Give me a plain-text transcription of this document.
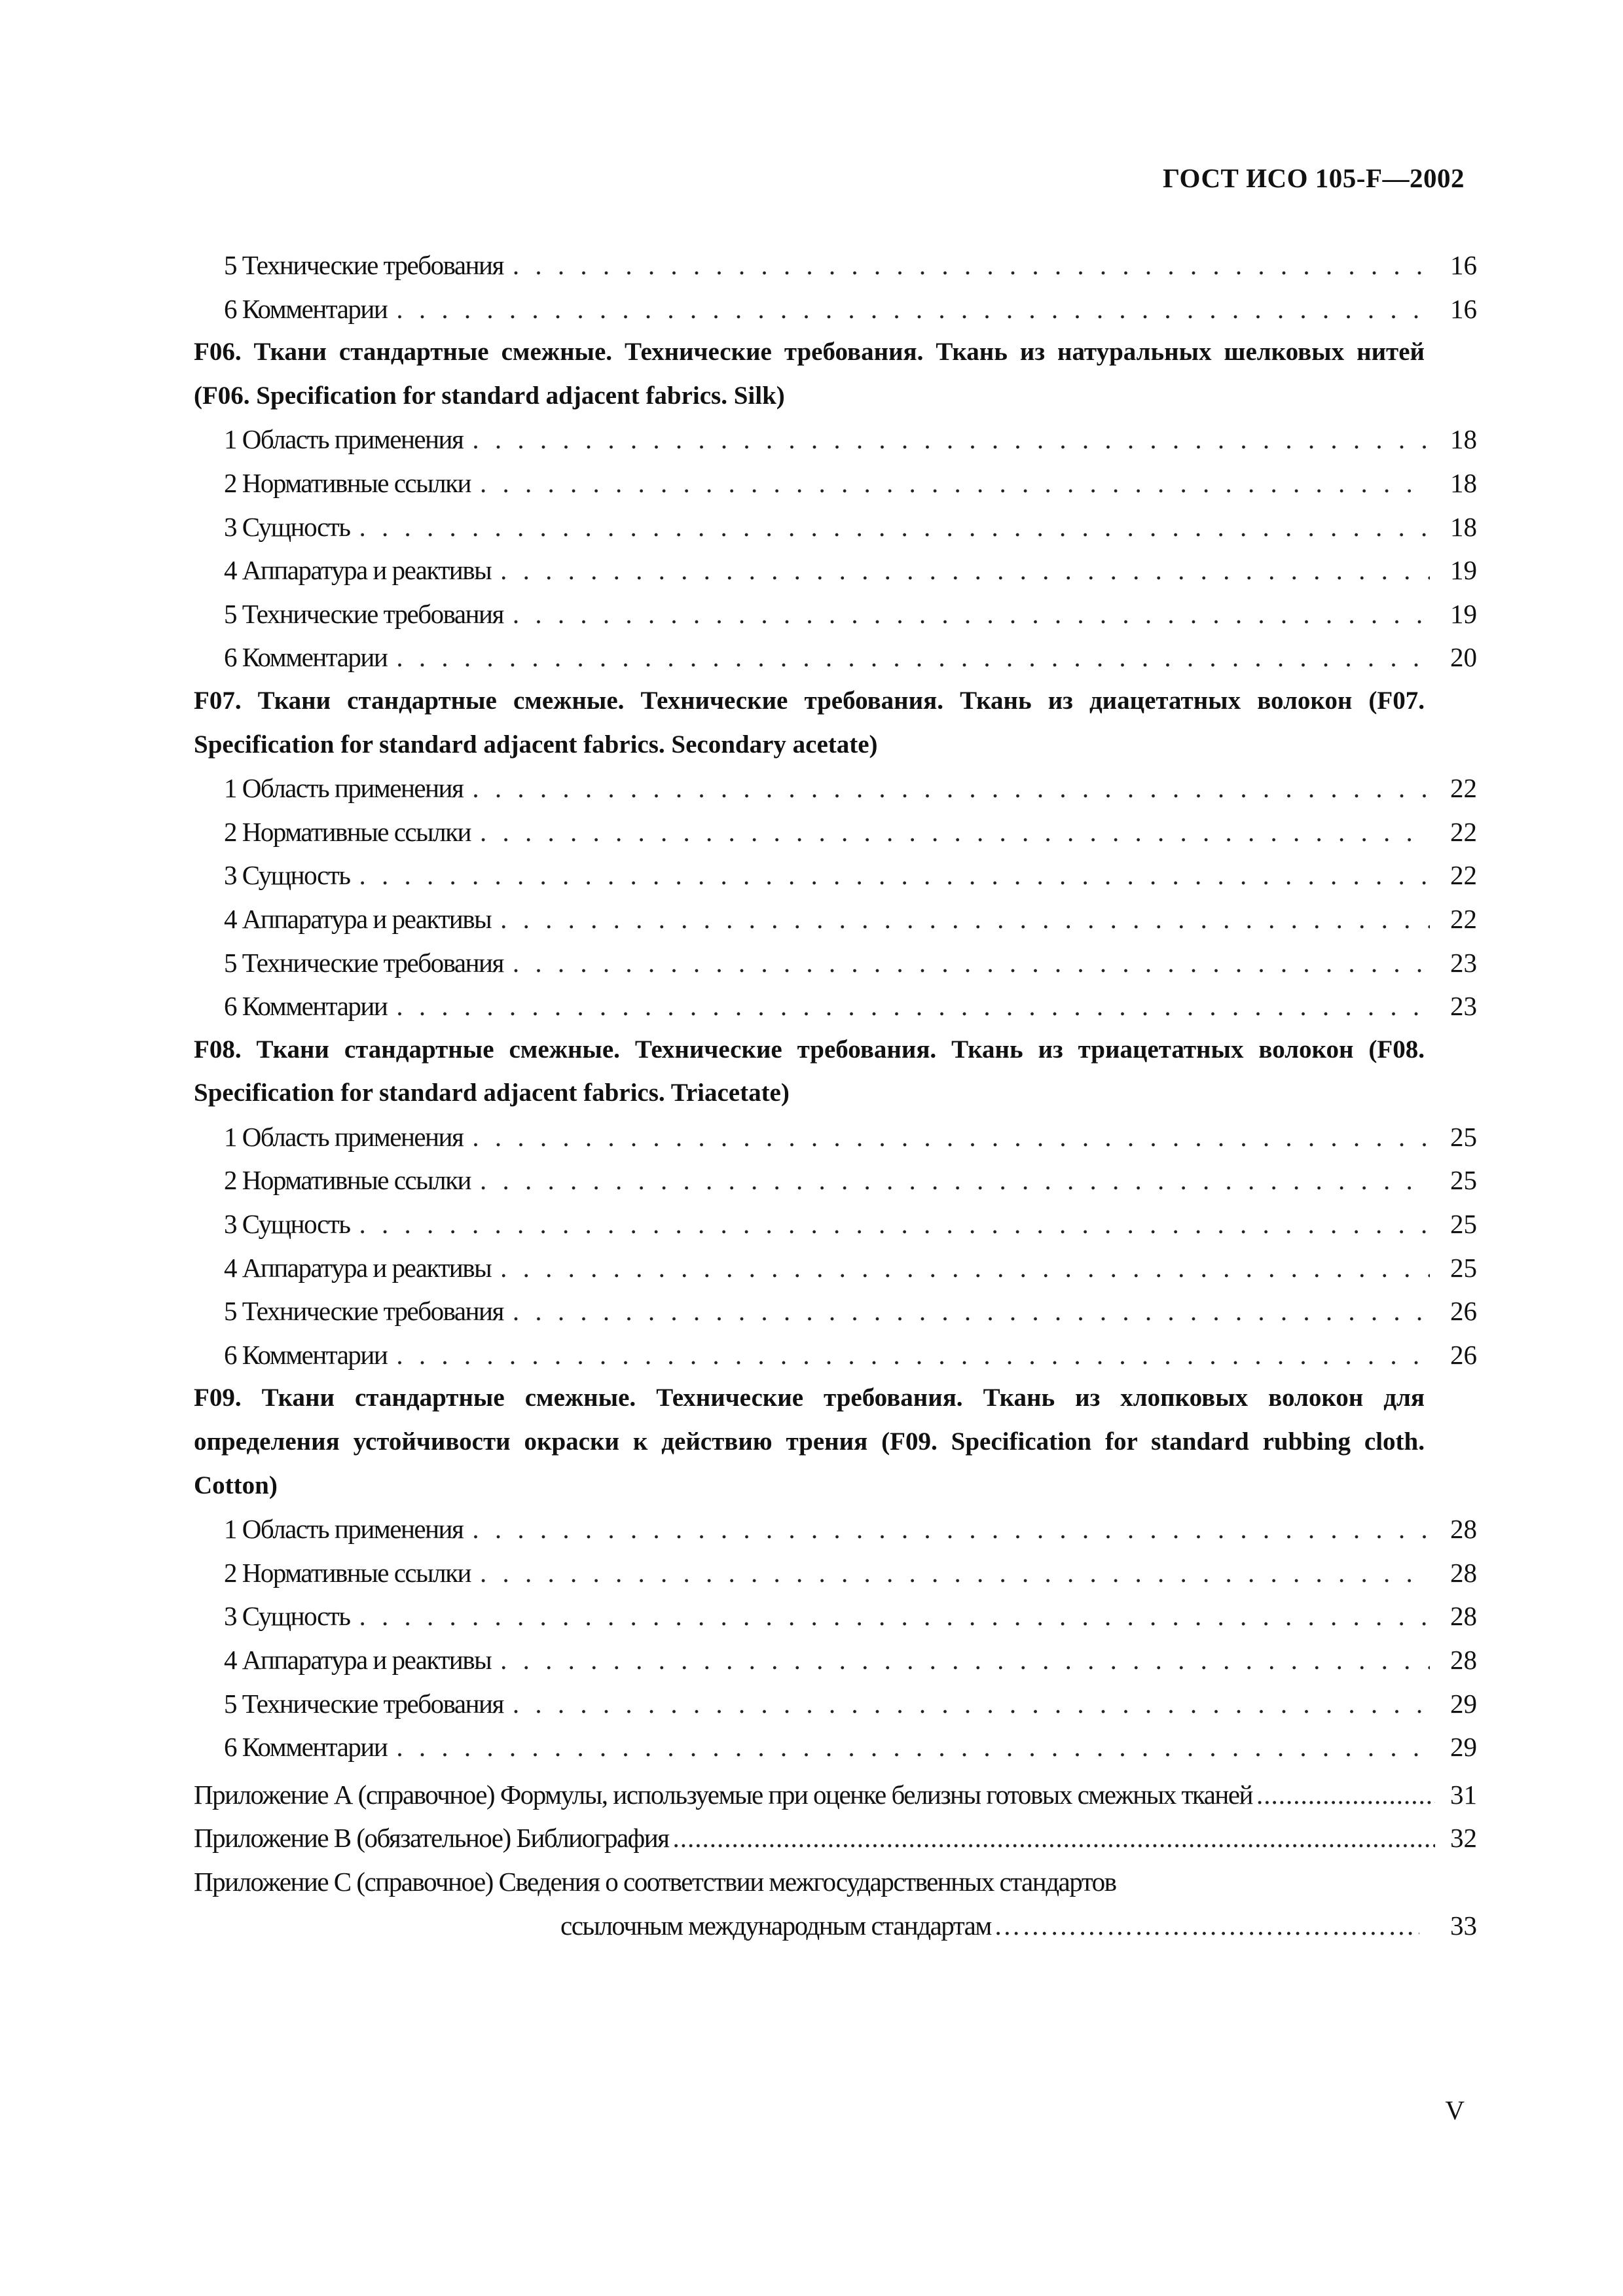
ГОСТ ИСО 105-F—2002
5 Технические требования . . .	16
6 Комментарии . . .	16
F06. Ткани стандартные смежные. Технические требования. Ткань из натуральных шелковых нитей (F06. Specification for standard adjacent fabrics. Silk)
1 Область применения . . .	18
2 Нормативные ссылки . . .	18
3 Сущность . . .	18
4 Аппаратура и реактивы . . .	19
5 Технические требования . . .	19
6 Комментарии . . .	20
F07. Ткани стандартные смежные. Технические требования. Ткань из диацетатных волокон (F07. Specification for standard adjacent fabrics. Secondary acetate)
1 Область применения . . .	22
2 Нормативные ссылки . . .	22
3 Сущность . . .	22
4 Аппаратура и реактивы . . .	22
5 Технические требования . . .	23
6 Комментарии . . .	23
F08. Ткани стандартные смежные. Технические требования. Ткань из триацетатных волокон (F08. Specification for standard adjacent fabrics. Triacetate)
1 Область применения . . .	25
2 Нормативные ссылки . . .	25
3 Сущность . . .	25
4 Аппаратура и реактивы . . .	25
5 Технические требования . . .	26
6 Комментарии . . .	26
F09. Ткани стандартные смежные. Технические требования. Ткань из хлопковых волокон для определения устойчивости окраски к действию трения (F09. Specification for standard rubbing cloth. Cotton)
1 Область применения . . .	28
2 Нормативные ссылки . . .	28
3 Сущность . . .	28
4 Аппаратура и реактивы . . .	28
5 Технические требования . . .	29
6 Комментарии . . .	29
Приложение А (справочное) Формулы, используемые при оценке белизны готовых смежных тканей .....	31
Приложение В (обязательное) Библиография .....	32
Приложение С (справочное) Сведения о соответствии межгосударственных стандартов
ссылочным международным стандартам ……………………………………………………………………………………………………………………………………………………………	33
V
